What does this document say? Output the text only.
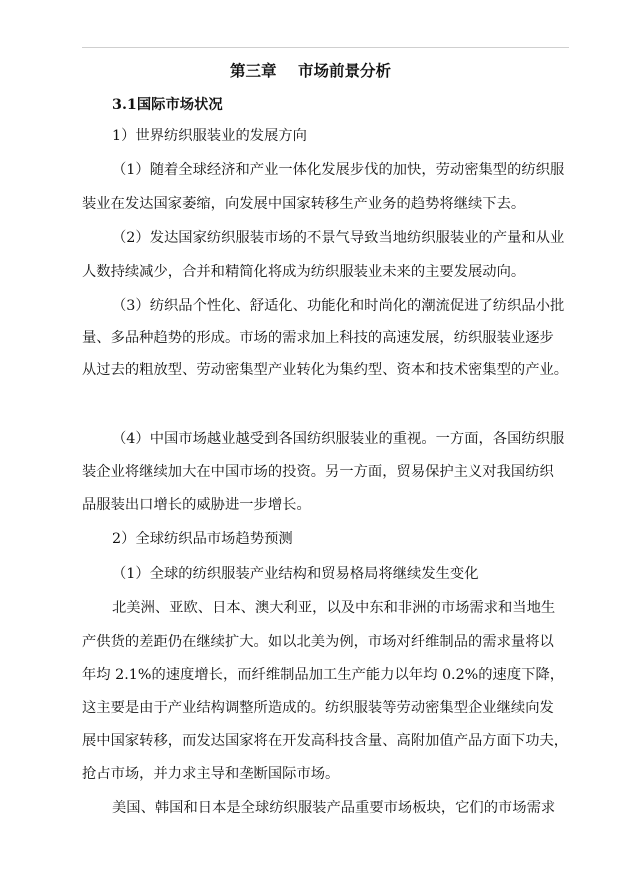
第三章    市场前景分析
3.1国际市场状况
1）世界纺织服装业的发展方向
（1）随着全球经济和产业一体化发展步伐的加快，劳动密集型的纺织服
装业在发达国家萎缩，向发展中国家转移生产业务的趋势将继续下去。
（2）发达国家纺织服装市场的不景气导致当地纺织服装业的产量和从业
人数持续减少，合并和精简化将成为纺织服装业未来的主要发展动向。
（3）纺织品个性化、舒适化、功能化和时尚化的潮流促进了纺织品小批
量、多品种趋势的形成。市场的需求加上科技的高速发展，纺织服装业逐步
从过去的粗放型、劳动密集型产业转化为集约型、资本和技术密集型的产业。
（4）中国市场越业越受到各国纺织服装业的重视。一方面，各国纺织服
装企业将继续加大在中国市场的投资。另一方面，贸易保护主义对我国纺织
品服装出口增长的威胁进一步增长。
2）全球纺织品市场趋势预测
（1）全球的纺织服装产业结构和贸易格局将继续发生变化
北美洲、亚欧、日本、澳大利亚，以及中东和非洲的市场需求和当地生
产供货的差距仍在继续扩大。如以北美为例，市场对纤维制品的需求量将以
年均 2.1%的速度增长，而纤维制品加工生产能力以年均 0.2%的速度下降，
这主要是由于产业结构调整所造成的。纺织服装等劳动密集型企业继续向发
展中国家转移，而发达国家将在开发高科技含量、高附加值产品方面下功夫，
抢占市场，并力求主导和垄断国际市场。
美国、韩国和日本是全球纺织服装产品重要市场板块，它们的市场需求
